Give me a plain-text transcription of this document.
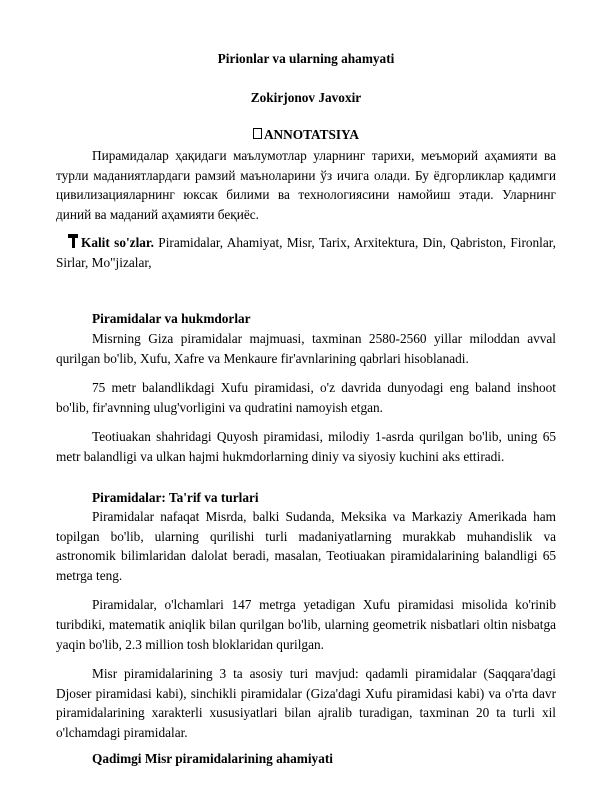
Pirionlar va ularning ahamyati
Zokirjonov Javoxir
ANNOTATSIYA

Пирамидалар ҳақидаги маълумотлар уларнинг тарихи, меъморий аҳамияти ва турли маданиятлардаги рамзий маъноларини ўз ичига олади. Бу ёдгорликлар қадимги цивилизацияларнинг юксак билими ва технологиясини намойиш этади. Уларнинг диний ва маданий аҳамияти беқиёс.

Kalit so'zlar. Piramidalar, Ahamiyat, Misr, Tarix, Arxitektura, Din, Qabriston, Fironlar, Sirlar, Mo"jizalar,

Piramidalar va hukmdorlar

Misrning Giza piramidalar majmuasi, taxminan 2580-2560 yillar miloddan avval qurilgan bo'lib, Xufu, Xafre va Menkaure fir'avnlarining qabrlari hisoblanadi.

75 metr balandlikdagi Xufu piramidasi, o'z davrida dunyodagi eng baland inshoot bo'lib, fir'avnning ulug'vorligini va qudratini namoyish etgan.

Teotiuakan shahridagi Quyosh piramidasi, milodiy 1-asrda qurilgan bo'lib, uning 65 metr balandligi va ulkan hajmi hukmdorlarning diniy va siyosiy kuchini aks ettiradi.

Piramidalar: Ta'rif va turlari

Piramidalar nafaqat Misrda, balki Sudanda, Meksika va Markaziy Amerikada ham topilgan bo'lib, ularning qurilishi turli madaniyatlarning murakkab muhandislik va astronomik bilimlaridan dalolat beradi, masalan, Teotiuakan piramidalarining balandligi 65 metrga teng.

Piramidalar, o'lchamlari 147 metrga yetadigan Xufu piramidasi misolida ko'rinib turibdiki, matematik aniqlik bilan qurilgan bo'lib, ularning geometrik nisbatlari oltin nisbatga yaqin bo'lib, 2.3 million tosh bloklaridan qurilgan.

Misr piramidalarining 3 ta asosiy turi mavjud: qadamli piramidalar (Saqqara'dagi Djoser piramidasi kabi), sinchikli piramidalar (Giza'dagi Xufu piramidasi kabi) va o'rta davr piramidalarining xarakterli xususiyatlari bilan ajralib turadigan, taxminan 20 ta turli xil o'lchamdagi piramidalar.

Qadimgi Misr piramidalarining ahamiyati
